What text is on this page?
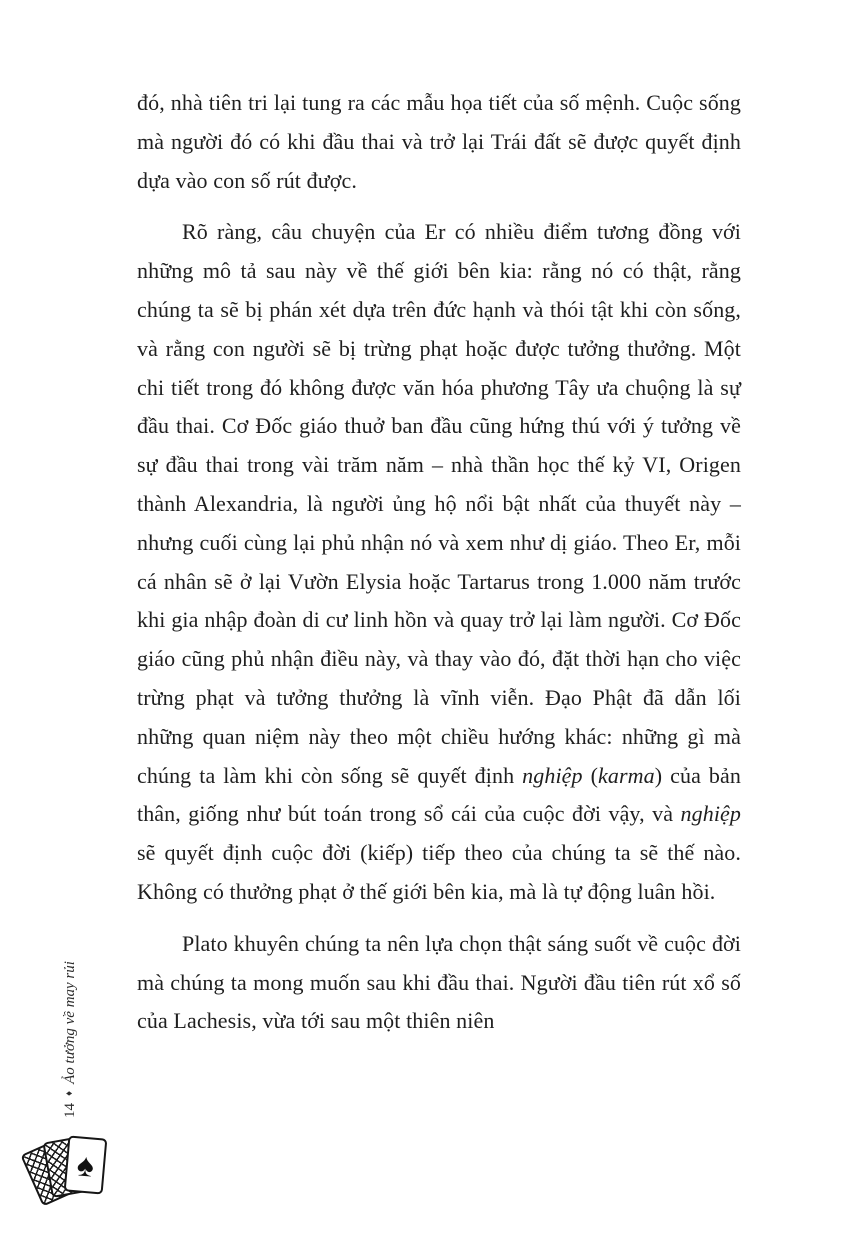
đó, nhà tiên tri lại tung ra các mẫu họa tiết của số mệnh. Cuộc sống mà người đó có khi đầu thai và trở lại Trái đất sẽ được quyết định dựa vào con số rút được.

Rõ ràng, câu chuyện của Er có nhiều điểm tương đồng với những mô tả sau này về thế giới bên kia: rằng nó có thật, rằng chúng ta sẽ bị phán xét dựa trên đức hạnh và thói tật khi còn sống, và rằng con người sẽ bị trừng phạt hoặc được tưởng thưởng. Một chi tiết trong đó không được văn hóa phương Tây ưa chuộng là sự đầu thai. Cơ Đốc giáo thuở ban đầu cũng hứng thú với ý tưởng về sự đầu thai trong vài trăm năm – nhà thần học thế kỷ VI, Origen thành Alexandria, là người ủng hộ nổi bật nhất của thuyết này – nhưng cuối cùng lại phủ nhận nó và xem như dị giáo. Theo Er, mỗi cá nhân sẽ ở lại Vườn Elysia hoặc Tartarus trong 1.000 năm trước khi gia nhập đoàn di cư linh hồn và quay trở lại làm người. Cơ Đốc giáo cũng phủ nhận điều này, và thay vào đó, đặt thời hạn cho việc trừng phạt và tưởng thưởng là vĩnh viễn. Đạo Phật đã dẫn lối những quan niệm này theo một chiều hướng khác: những gì mà chúng ta làm khi còn sống sẽ quyết định nghiệp (karma) của bản thân, giống như bút toán trong sổ cái của cuộc đời vậy, và nghiệp sẽ quyết định cuộc đời (kiếp) tiếp theo của chúng ta sẽ thế nào. Không có thưởng phạt ở thế giới bên kia, mà là tự động luân hồi.

Plato khuyên chúng ta nên lựa chọn thật sáng suốt về cuộc đời mà chúng ta mong muốn sau khi đầu thai. Người đầu tiên rút xổ số của Lachesis, vừa tới sau một thiên niên

14♦Ảo tưởng về may rủi
♠
